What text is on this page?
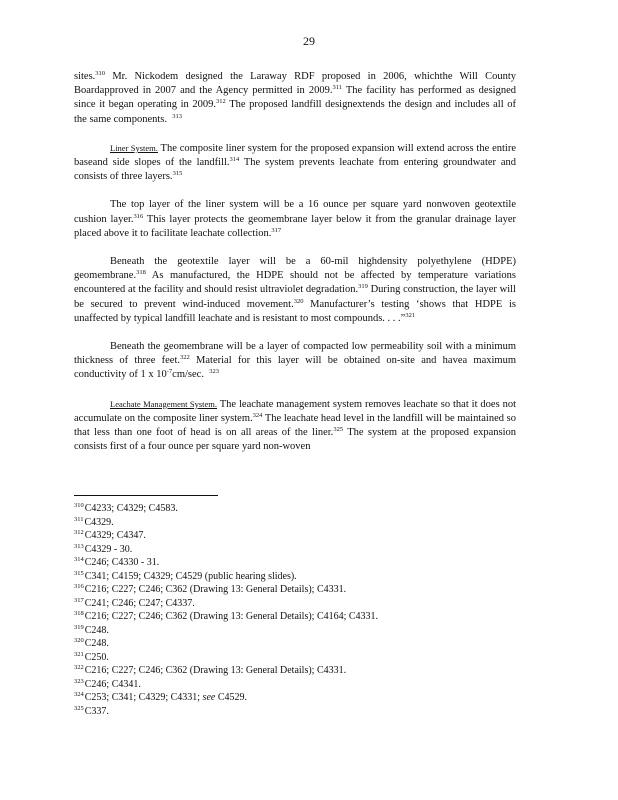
29

sites.$^{310}$ Mr. Nickodem designed the Laraway RDF proposed in 2006, whichthe Will County Boardapproved in 2007 and the Agency permitted in 2009.$^{311}$ The facility has performed as designed since it began operating in 2009.$^{312}$ The proposed landfill designextends the design and includes all of the same components. $^{313}$

Liner System. The composite liner system for the proposed expansion will extend across the entire baseand side slopes of the landfill.$^{314}$ The system prevents leachate from entering groundwater and consists of three layers.$^{315}$

The top layer of the liner system will be a 16 ounce per square yard nonwoven geotextile cushion layer.$^{316}$ This layer protects the geomembrane layer below it from the granular drainage layer placed above it to facilitate leachate collection.$^{317}$

Beneath the geotextile layer will be a 60-mil highdensity polyethylene (HDPE) geomembrane.$^{318}$ As manufactured, the HDPE should not be affected by temperature variations encountered at the facility and should resist ultraviolet degradation.$^{319}$ During construction, the layer will be secured to prevent wind-induced movement.$^{320}$ Manufacturer’s testing ‘shows that HDPE is unaffected by typical landfill leachate and is resistant to most compounds. . . .”$^{321}$

Beneath the geomembrane will be a layer of compacted low permeability soil with a minimum thickness of three feet.$^{322}$ Material for this layer will be obtained on-site and havea maximum conductivity of 1 x $10^{-7}cm/\sec$. $^{323}$

Leachate Management System. The leachate management system removes leachate so that it does not accumulate on the composite liner system.$^{324}$ The leachate head level in the landfill will be maintained so that less than one foot of head is on all areas of the liner.$^{325}$ The system at the proposed expansion consists first of a four ounce per square yard non-woven

$^{310}$C4233; C4329; C4583.
$^{311}$C4329.
$^{312}$C4329; C4347.
$^{313}$C4329 - 30.
$^{314}$C246; C4330 - 31.
$^{315}$C341; C4159; C4329; C4529 (public hearing slides).
$^{316}$C216; C227; C246; C362 (Drawing 13: General Details); C4331.
$^{317}$C241; C246; C247; C4337.
$^{318}$C216; C227; C246; C362 (Drawing 13: General Details); C4164; C4331.
$^{319}$C248.
$^{320}$C248.
$^{321}$C250.
$^{322}$C216; C227; C246; C362 (Drawing 13: General Details); C4331.
$^{323}$C246; C4341.
$^{324}$C253; C341; C4329; C4331; see C4529.
$^{325}$C337.
